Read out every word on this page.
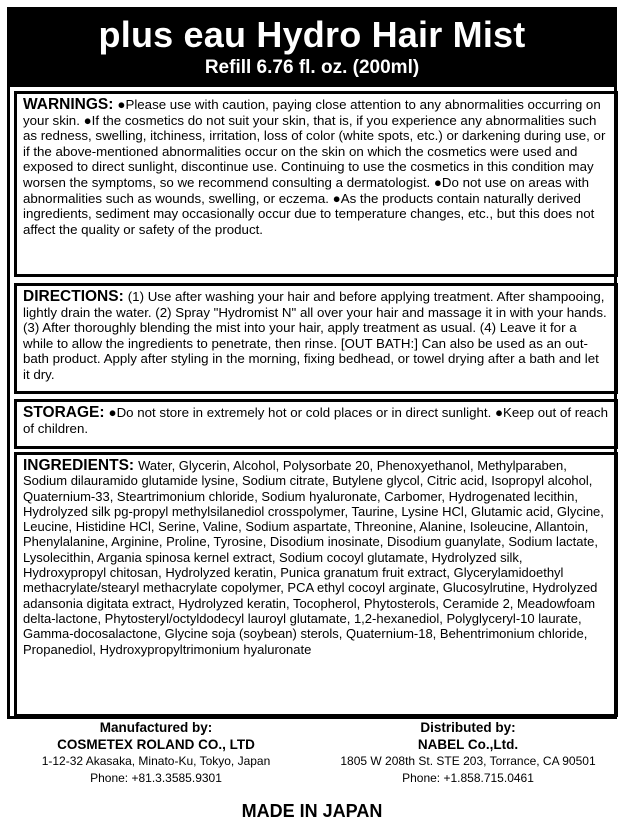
plus eau Hydro Hair Mist
Refill 6.76 fl. oz. (200ml)
WARNINGS: ●Please use with caution, paying close attention to any abnormalities occurring on your skin. ●If the cosmetics do not suit your skin, that is, if you experience any abnormalities such as redness, swelling, itchiness, irritation, loss of color (white spots, etc.) or darkening during use, or if the above-mentioned abnormalities occur on the skin on which the cosmetics were used and exposed to direct sunlight, discontinue use. Continuing to use the cosmetics in this condition may worsen the symptoms, so we recommend consulting a dermatologist. ●Do not use on areas with abnormalities such as wounds, swelling, or eczema. ●As the products contain naturally derived ingredients, sediment may occasionally occur due to temperature changes, etc., but this does not affect the quality or safety of the product.
DIRECTIONS: (1) Use after washing your hair and before applying treatment. After shampooing, lightly drain the water. (2) Spray "Hydromist N" all over your hair and massage it in with your hands. (3) After thoroughly blending the mist into your hair, apply treatment as usual. (4) Leave it for a while to allow the ingredients to penetrate, then rinse. [OUT BATH:] Can also be used as an out-bath product. Apply after styling in the morning, fixing bedhead, or towel drying after a bath and let it dry.
STORAGE: ●Do not store in extremely hot or cold places or in direct sunlight. ●Keep out of reach of children.
INGREDIENTS: Water, Glycerin, Alcohol, Polysorbate 20, Phenoxyethanol, Methylparaben, Sodium dilauramido glutamide lysine, Sodium citrate, Butylene glycol, Citric acid, Isopropyl alcohol, Quaternium-33, Steartrimonium chloride, Sodium hyaluronate, Carbomer, Hydrogenated lecithin, Hydrolyzed silk pg-propyl methylsilanediol crosspolymer, Taurine, Lysine HCl, Glutamic acid, Glycine, Leucine, Histidine HCl, Serine, Valine, Sodium aspartate, Threonine, Alanine, Isoleucine, Allantoin, Phenylalanine, Arginine, Proline, Tyrosine, Disodium inosinate, Disodium guanylate, Sodium lactate, Lysolecithin, Argania spinosa kernel extract, Sodium cocoyl glutamate, Hydrolyzed silk, Hydroxypropyl chitosan, Hydrolyzed keratin, Punica granatum fruit extract, Glycerylamidoethyl methacrylate/stearyl methacrylate copolymer, PCA ethyl cocoyl arginate, Glucosylrutine, Hydrolyzed adansonia digitata extract, Hydrolyzed keratin, Tocopherol, Phytosterols, Ceramide 2, Meadowfoam delta-lactone, Phytosteryl/octyldodecyl lauroyl glutamate, 1,2-hexanediol, Polyglyceryl-10 laurate, Gamma-docosalactone, Glycine soja (soybean) sterols, Quaternium-18, Behentrimonium chloride, Propanediol, Hydroxypropyltrimonium hyaluronate
Manufactured by:
COSMETEX ROLAND CO., LTD
1-12-32 Akasaka, Minato-Ku, Tokyo, Japan
Phone: +81.3.3585.9301
Distributed by:
NABEL Co.,Ltd.
1805 W 208th St. STE 203, Torrance, CA 90501
Phone: +1.858.715.0461
MADE IN JAPAN
